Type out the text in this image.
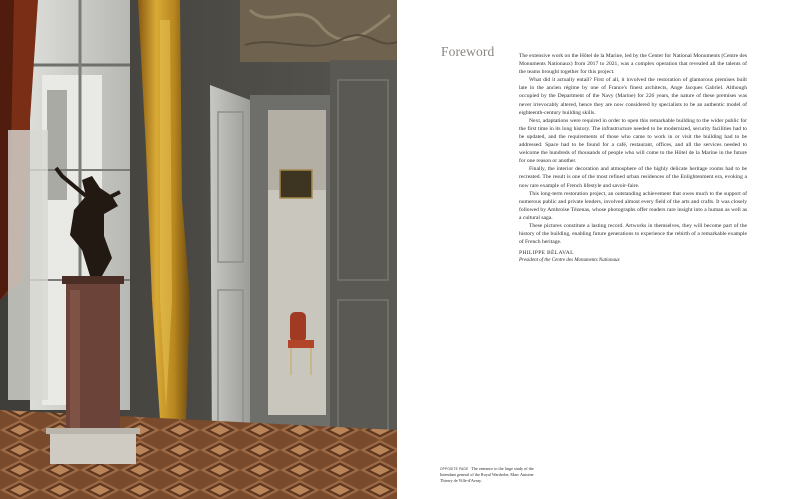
Foreword	The extensive work on the Hôtel de la Marine, led by the Center for National Monuments (Centre des Monuments Nationaux) from 2017 to 2021, was a complex operation that revealed all the talents of the teams brought together for this project.

What did it actually entail? First of all, it involved the restoration of glamorous premises built late in the ancien régime by one of France's finest architects, Ange Jacques Gabriel. Although occupied by the Department of the Navy (Marine) for 226 years, the nature of these premises was never irrevocably altered, hence they are now considered by specialists to be an authentic model of eighteenth-century building skills.

Next, adaptations were required in order to open this remarkable building to the wider public for the first time in its long history. The infrastructure needed to be modernized, security facilities had to be updated, and the requirements of those who came to work in or visit the building had to be addressed. Space had to be found for a café, restaurant, offices, and all the services needed to welcome the hundreds of thousands of people who will come to the Hôtel de la Marine in the future for one reason or another.

Finally, the interior decoration and atmosphere of the highly delicate heritage rooms had to be recreated. The result is one of the most refined urban residences of the Enlightenment era, evoking a now rare example of French lifestyle and savoir-faire.

This long-term restoration project, an outstanding achievement that owes much to the support of numerous public and private lenders, involved almost every field of the arts and crafts. It was closely followed by Ambroise Tézenas, whose photographs offer readers rare insight into a human as well as a cultural saga.

These pictures constitute a lasting record. Artworks in themselves, they will become part of the history of the building, enabling future generations to experience the rebirth of a remarkable example of French heritage.

PHILIPPE BÉLAVAL
President of the Centre des Monuments Nationaux
OPPOSITE PAGE The entrance to the large study of the Intendant general of the Royal Wardrobe, Marc Antoine Thierry de Ville-d'Avray.
